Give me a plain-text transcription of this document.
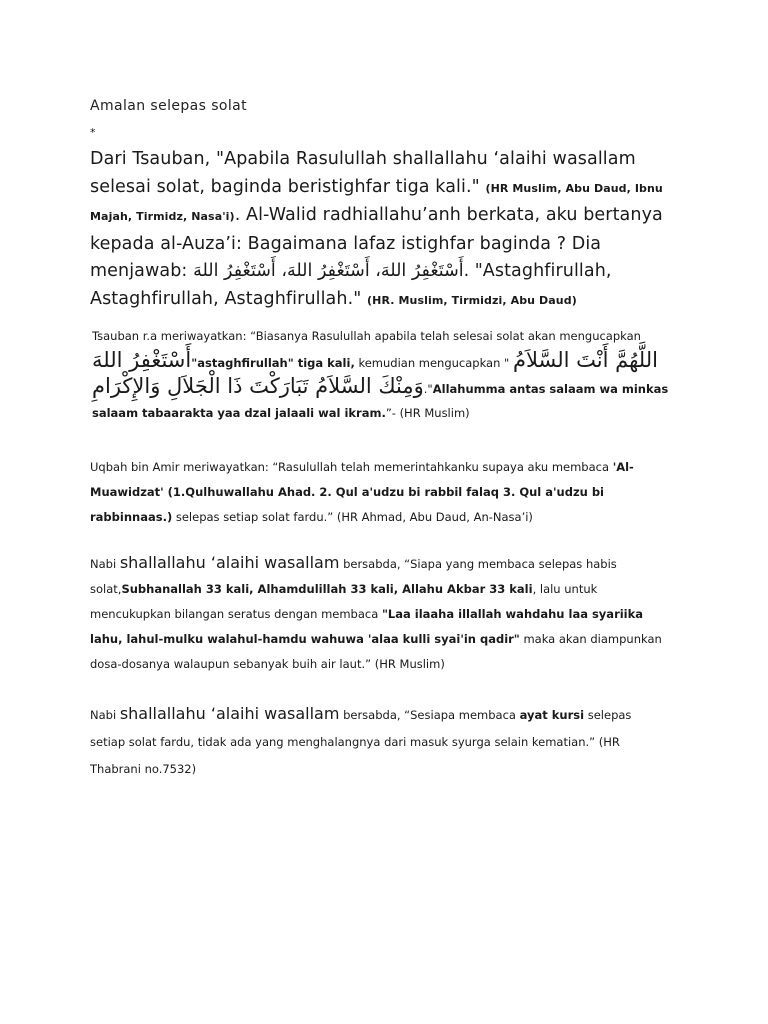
Amalan selepas solat
*
Dari Tsauban, "Apabila Rasulullah shallallahu ‘alaihi wasallam selesai solat, baginda beristighfar tiga kali." (HR Muslim, Abu Daud, Ibnu Majah, Tirmidz, Nasa'i). Al-Walid radhiallahu’anh berkata, aku bertanya kepada al-Auza’i: Bagaimana lafaz istighfar baginda ? Dia menjawab: أَسْتَغْفِرُ اللهَ، أَسْتَغْفِرُ اللهَ، أَسْتَغْفِرُ اللهَ. "Astaghfirullah, Astaghfirullah, Astaghfirullah." (HR. Muslim, Tirmidzi, Abu Daud)
Tsauban r.a meriwayatkan: “Biasanya Rasulullah apabila telah selesai solat akan mengucapkan أَسْتَغْفِرُ اللهَ"astaghfirullah" tiga kali, kemudian mengucapkan " اللَّهُمَّ أَنْتَ السَّلاَمُ وَمِنْكَ السَّلاَمُ تَبَارَكْتَ ذَا الْجَلاَلِ وَالإِكْرَامِ."Allahumma antas salaam wa minkas salaam tabaarakta yaa dzal jalaali wal ikram.”- (HR Muslim)
Uqbah bin Amir meriwayatkan: “Rasulullah telah memerintahkanku supaya aku membaca 'Al-Muawidzat' (1.Qulhuwallahu Ahad. 2. Qul a'udzu bi rabbil falaq 3. Qul a'udzu bi rabbinnaas.) selepas setiap solat fardu.” (HR Ahmad, Abu Daud, An-Nasa’i)
Nabi shallallahu ‘alaihi wasallam bersabda, “Siapa yang membaca selepas habis solat,Subhanallah 33 kali, Alhamdulillah 33 kali, Allahu Akbar 33 kali, lalu untuk mencukupkan bilangan seratus dengan membaca "Laa ilaaha illallah wahdahu laa syariika lahu, lahul-mulku walahul-hamdu wahuwa 'alaa kulli syai'in qadir" maka akan diampunkan dosa-dosanya walaupun sebanyak buih air laut.” (HR Muslim)
Nabi shallallahu ‘alaihi wasallam bersabda, “Sesiapa membaca ayat kursi selepas setiap solat fardu, tidak ada yang menghalangnya dari masuk syurga selain kematian.” (HR Thabrani no.7532)
